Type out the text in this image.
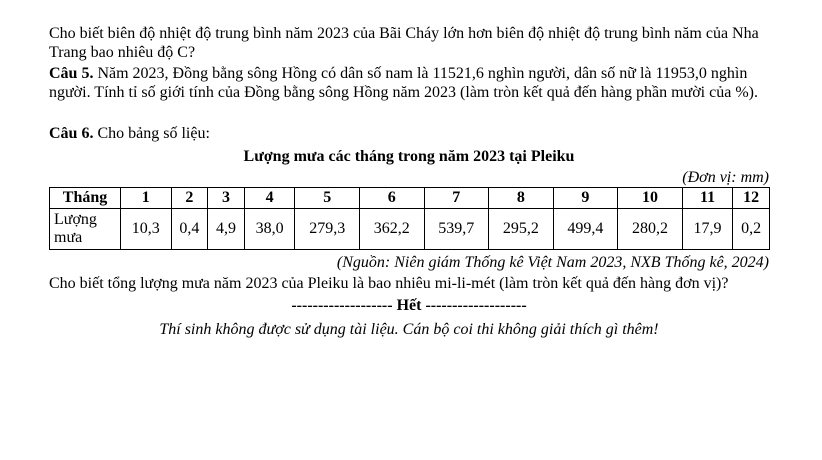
Cho biết biên độ nhiệt độ trung bình năm 2023 của Bãi Cháy lớn hơn biên độ nhiệt độ trung bình năm của Nha Trang bao nhiêu độ C?

Câu 5. Năm 2023, Đồng bằng sông Hồng có dân số nam là 11521,6 nghìn người, dân số nữ là 11953,0 nghìn người. Tính tỉ số giới tính của Đồng bằng sông Hồng năm 2023 (làm tròn kết quả đến hàng phần mười của %).

Câu 6. Cho bảng số liệu:

Lượng mưa các tháng trong năm 2023 tại Pleiku
(Đơn vị: mm)
Tháng	1	2	3	4	5	6	7	8	9	10	11	12
Lượng mưa	10,3	0,4	4,9	38,0	279,3	362,2	539,7	295,2	499,4	280,2	17,9	0,2
(Nguồn: Niên giám Thống kê Việt Nam 2023, NXB Thống kê, 2024)

Cho biết tổng lượng mưa năm 2023 của Pleiku là bao nhiêu mi-li-mét (làm tròn kết quả đến hàng đơn vị)?

------------------- Hết -------------------
Thí sinh không được sử dụng tài liệu. Cán bộ coi thi không giải thích gì thêm!
